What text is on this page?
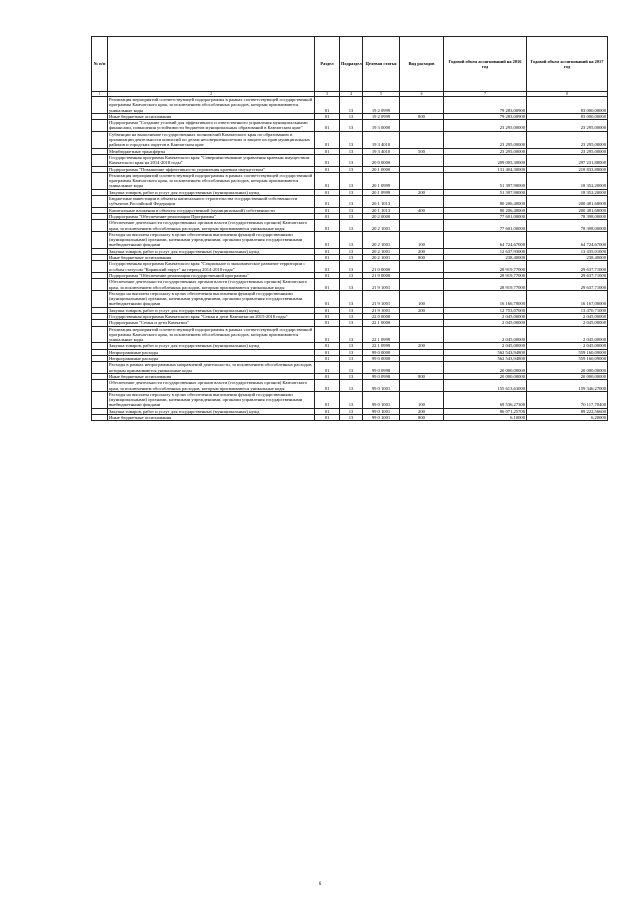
№ п/п		Раздел	Подраздел	Целевая статья	Вид расходов	Годовой объем ассигнований на 2016 год	Годовой объем ассигнований на 2017 год
1	2	3	4	5	6	7	8
	Реализация мероприятий соответствующей подпрограммы в рамках соответствующей государственной программы Камчатского края, за исключением обособленных расходов, которым присваиваются уникальные коды	01	13	19 2 0999		79 283,00900	83 000,00000
	Иные бюджетные ассигнования	01	13	19 2 0999	800	79 283,00900	83 000,00000
	Подпрограмма "Создание условий для эффективного и ответственного управления муниципальными финансами, повышения устойчивости бюджетов муниципальных образований в Камчатском крае"	01	13	19 3 0000		23 295,00000	23 295,00000
	Субвенции на выполнение государственных полномочий Камчатского края по образованию и организации деятельности комиссий по делам несовершеннолетних и защите их прав муниципальных районов и городских округов в Камчатском крае	01	13	19 3 4010		23 295,00000	23 295,00000
	Межбюджетные трансферты	01	13	19 3 4010	500	23 295,00000	23 295,00000
	Государственная программа Камчатского края "Совершенствование управления краевым имуществом Камчатского края на 2014-2018 годы"	01	13	20 0 0000		209 005,30000	297 231,88000
	Подпрограмма "Повышение эффективности управления краевым имуществом"	01	13	20 1 0000		131 404,30000	218 833,88000
	Реализация мероприятий соответствующей подпрограммы в рамках соответствующей государственной программы Камчатского края, за исключением обособленных расходов, которым присваиваются уникальные коды	01	13	20 1 0999		51 397,90000	18 352,20000
	Закупка товаров, работ и услуг для государственных (муниципальных) нужд	01	13	20 1 0999	200	51 397,90000	18 352,20000
	Бюджетные инвестиции в объекты капитального строительства государственной собственности субъектов Российской Федерации	01	13	20 1 1013		80 206,40000	200 481,68000
	Капитальные вложения в объекты государственной (муниципальной) собственности	01	13	20 1 1013	400	80 206,40000	200 481,68000
	Подпрограмма "Обеспечение реализации Программы"	01	13	20 2 0000		77 601,00000	78 398,00000
	Обеспечение деятельности государственных органов власти (государственных органов) Камчатского края, за исключением обособленных расходов, которым присваиваются уникальные коды	01	13	20 2 1001		77 601,00000	78 398,00000
	Расходы на выплаты персоналу в целях обеспечения выполнения функций государственными (муниципальными) органами, казенными учреждениями, органами управления государственными внебюджетными фондами	01	13	20 2 1001	100	64 724,67000	64 724,67000
	Закупка товаров, работ и услуг для государственных (муниципальных) нужд	01	13	20 2 1001	200	12 637,93000	13 435,01000
	Иные бюджетные ассигнования	01	13	20 2 1001	800	238,40000	238,40000
	Государственная программа Камчатского края "Социальное и экономическое развитие территории с особым статусом "Корякский округ" на период 2014-2018 годы"	01	13	21 0 0000		28 919,77000	29 637,71000
	Подпрограмма "Обеспечение реализации государственной программы"	01	13	21 9 0000		28 919,77000	29 637,71000
	Обеспечение деятельности государственных органов власти (государственных органов) Камчатского края, за исключением обособленных расходов, которым присваиваются уникальные коды	01	13	21 9 1001		28 919,77000	29 637,71000
	Расходы на выплаты персоналу в целях обеспечения выполнения функций государственными (муниципальными) органами, казенными учреждениями, органами управления государственными внебюджетными фондами	01	13	21 9 1001	100	16 166,70000	16 167,00000
	Закупка товаров, работ и услуг для государственных (муниципальных) нужд	01	13	21 9 1001	200	12 753,07000	13 470,71000
	Государственная программа Камчатского края "Семья и дети Камчатки на 2015-2018 годы"	01	13	22 0 0000		2 045,00000	2 045,00000
	Подпрограмма "Семья и дети Камчатки"	01	13	22 1 0000		2 045,00000	2 045,00000
	Реализация мероприятий соответствующей подпрограммы в рамках соответствующей государственной программы Камчатского края, за исключением обособленных расходов, которым присваиваются уникальные коды	01	13	22 1 0999		2 045,00000	2 045,00000
	Закупка товаров, работ и услуг для государственных (муниципальных) нужд	01	13	22 1 0999	200	2 045,00000	2 045,00000
	Непрограммные расходы	01	13	99 0 0000		562 543,94800	559 160,09000
	Непрограммные расходы	01	13	99 0 0000		562 543,94800	559 160,09000
	Расходы в рамках непрограммных направлений деятельности, за исключением обособленных расходов, которым присваиваются уникальные коды	01	13	99 0 0998		20 000,00000	20 000,00000
	Иные бюджетные ассигнования	01	13	99 0 0998	800	20 000,00000	20 000,00000
	Обеспечение деятельности государственных органов власти (государственных органов) Камчатского края, за исключением обособленных расходов, которым присваиваются уникальные коды	01	13	99 0 1001		155 613,63000	159 346,27000
	Расходы на выплаты персоналу в целях обеспечения выполнения функций государственными (муниципальными) органами, казенными учреждениями, органами управления государственными внебюджетными фондами	01	13	99 0 1001	100	69 536,27300	70 117,70400
	Закупка товаров, работ и услуг для государственных (муниципальных) нужд	01	13	99 0 1001	200	86 071,25700	89 222,56600
	Иные бюджетные ассигнования	01	13	99 0 1001	800	6,10000	6,20000
6
